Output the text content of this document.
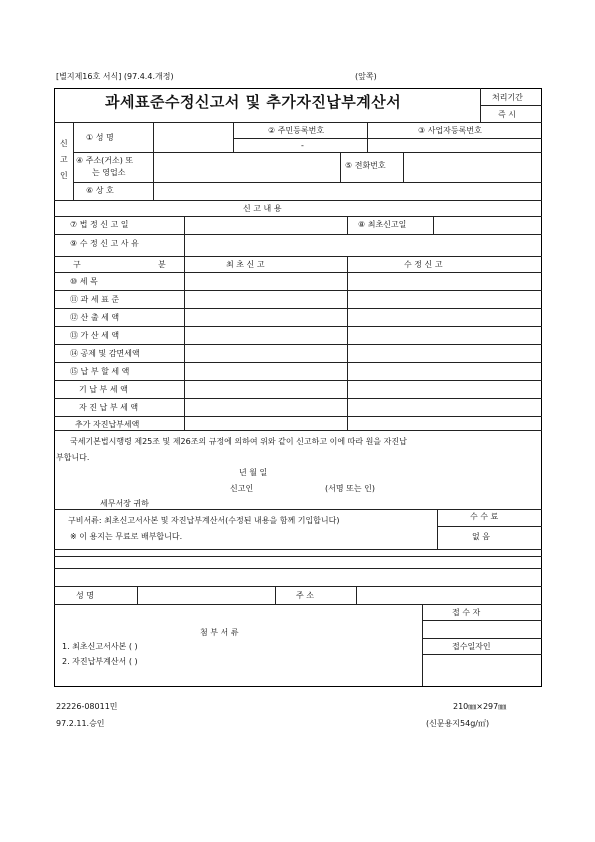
[별지제16호 서식] (97.4.4.개정)	(앞쪽)
과세표준수정신고서 및 추가자진납부계산서	처리기간
즉 시
신
고
인
① 성 명
② 주민등록번호
-
③ 사업자등록번호
④ 주소(거소) 또
는 영업소
⑤ 전화번호
⑥ 상 호
신 고 내 용
⑦ 법 정 신 고 일	⑧ 최초신고일
⑨ 수 정 신 고 사 유
구	분	최 초 신 고	수 정 신 고
⑩ 세 목
⑪ 과 세 표 준
⑫ 산 출 세 액
⑬ 가 산 세 액
⑭ 공제 및 감면세액
⑮ 납 부 할 세 액
기 납 부 세 액
자 진 납 부 세 액
추가 자진납부세액
국세기본법시행령 제25조 및 제26조의 규정에 의하여 위와 같이 신고하고 이에 따라 원을 자진납
부합니다.
년 월 일
신고인	(서명 또는 인)
세무서장 귀하
구비서류: 최초신고서사본 및 자진납부계산서(수정된 내용을 함께 기입합니다)
※ 이 용지는 무료로 배부합니다.
수 수 료
없 음
성 명	주 소
접 수 자
접수일자인
첨 부 서 류
1. 최초신고서사본 ( )
2. 자진납부계산서 ( )
22226-08011민
97.2.11.승인
210㎜×297㎜
(신문용지54g/㎡)
